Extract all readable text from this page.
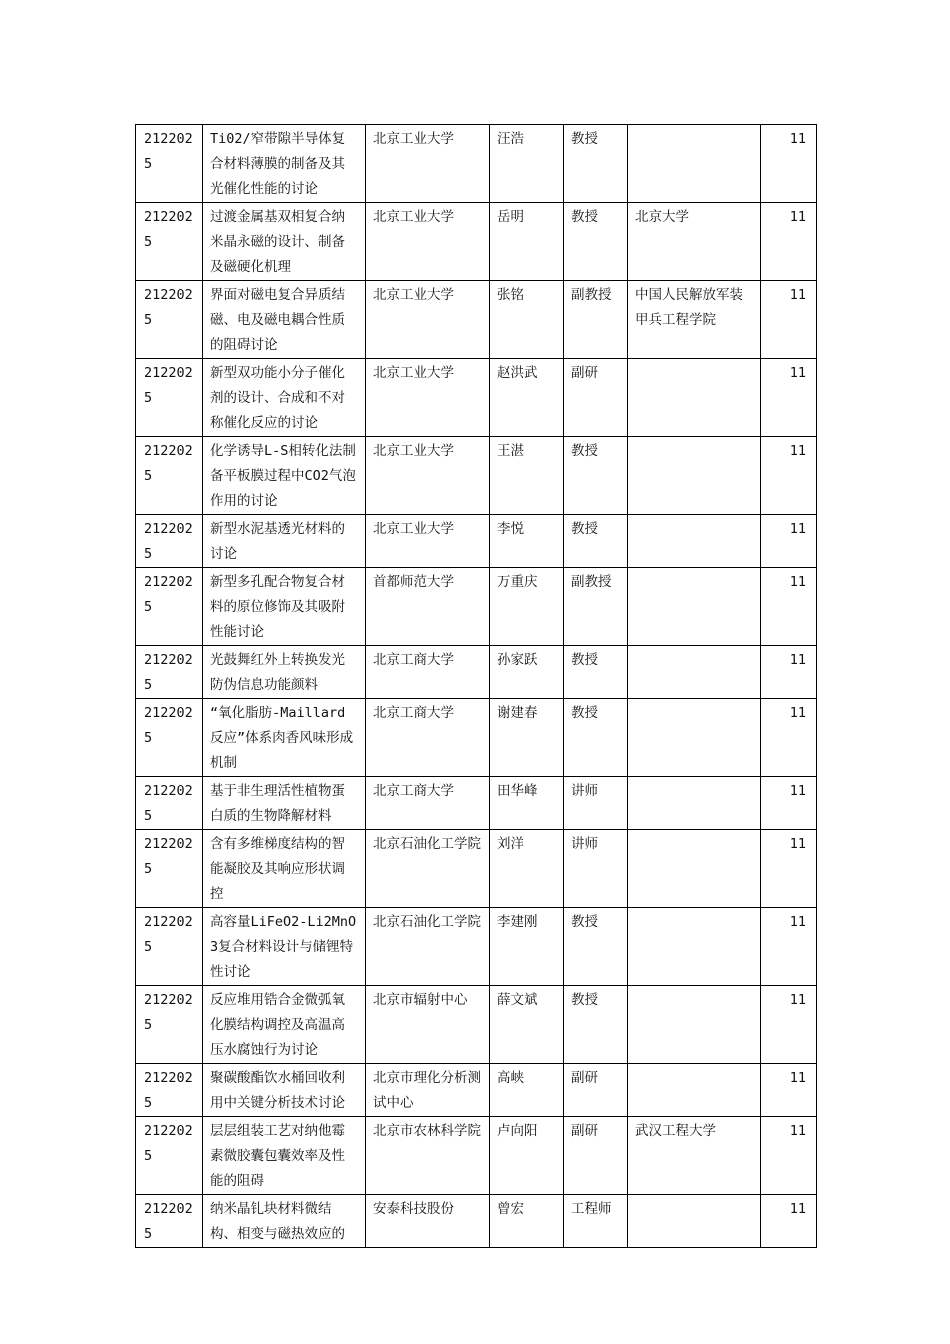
2122025	Ti02/窄带隙半导体复合材料薄膜的制备及其光催化性能的讨论	北京工业大学	汪浩	教授		11
2122025	过渡金属基双相复合纳米晶永磁的设计、制备及磁硬化机理	北京工业大学	岳明	教授	北京大学	11
2122025	界面对磁电复合异质结磁、电及磁电耦合性质的阻碍讨论	北京工业大学	张铭	副教授	中国人民解放军装甲兵工程学院	11
2122025	新型双功能小分子催化剂的设计、合成和不对称催化反应的讨论	北京工业大学	赵洪武	副研		11
2122025	化学诱导L-S相转化法制备平板膜过程中CO2气泡作用的讨论	北京工业大学	王湛	教授		11
2122025	新型水泥基透光材料的讨论	北京工业大学	李悦	教授		11
2122025	新型多孔配合物复合材料的原位修饰及其吸附性能讨论	首都师范大学	万重庆	副教授		11
2122025	光鼓舞红外上转换发光防伪信息功能颜料	北京工商大学	孙家跃	教授		11
2122025	“氧化脂肪-Maillard反应”体系肉香风味形成机制	北京工商大学	谢建春	教授		11
2122025	基于非生理活性植物蛋白质的生物降解材料	北京工商大学	田华峰	讲师		11
2122025	含有多维梯度结构的智能凝胶及其响应形状调控	北京石油化工学院	刘洋	讲师		11
2122025	高容量LiFeO2-Li2MnO3复合材料设计与储锂特性讨论	北京石油化工学院	李建刚	教授		11
2122025	反应堆用锆合金微弧氧化膜结构调控及高温高压水腐蚀行为讨论	北京市辐射中心	薛文斌	教授		11
2122025	聚碳酸酯饮水桶回收利用中关键分析技术讨论	北京市理化分析测试中心	高峡	副研		11
2122025	层层组装工艺对纳他霉素微胶囊包囊效率及性能的阻碍	北京市农林科学院	卢向阳	副研	武汉工程大学	11
2122025	纳米晶钆块材料微结构、相变与磁热效应的	安泰科技股份	曾宏	工程师		11
